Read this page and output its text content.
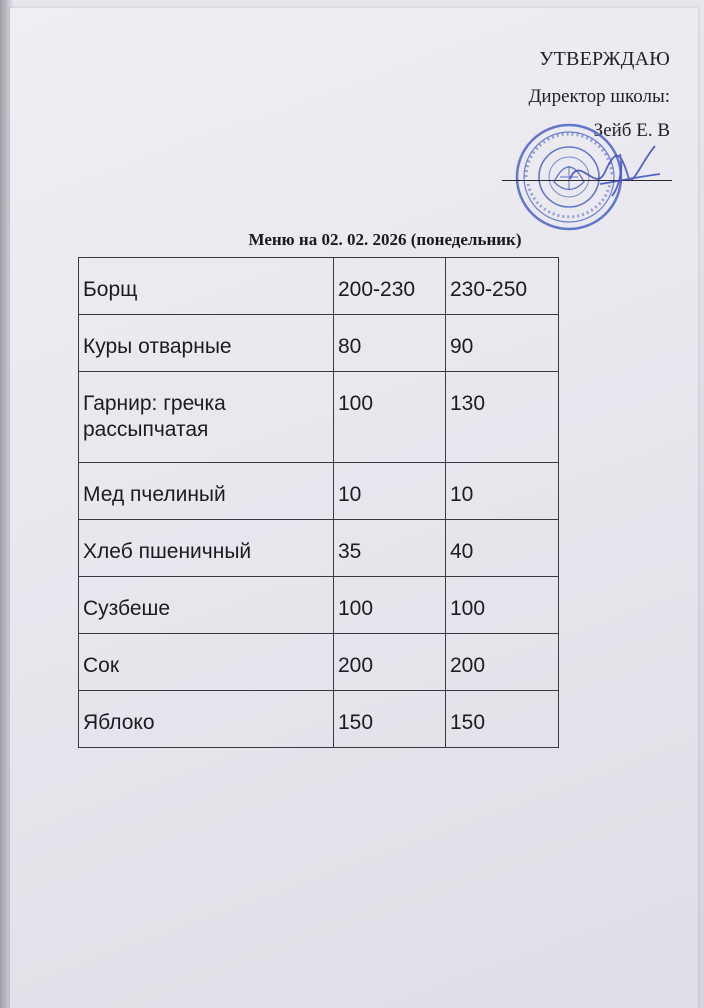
УТВЕРЖДАЮ
Директор школы:
Зейб Е. В
Меню на 02. 02. 2026 (понедельник)
Борщ	200-230	230-250

Куры отварные	80	90

Гарнир: гречка рассыпчатая	100	130

Мед пчелиный	10	10

Хлеб пшеничный	35	40

Сузбеше	100	100

Сок	200	200

Яблоко	150	150
